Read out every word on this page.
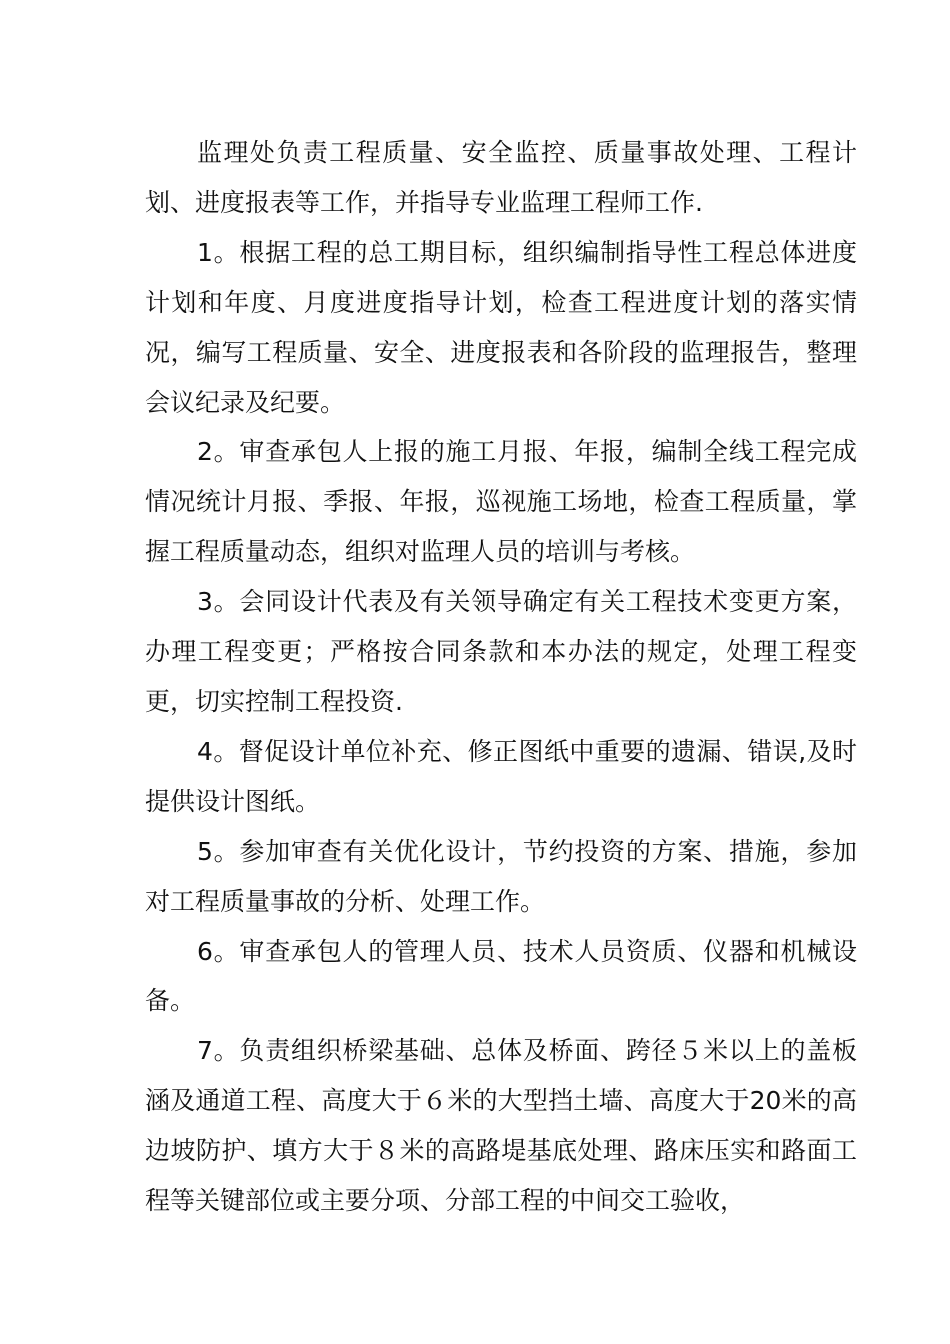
监理处负责工程质量、安全监控、质量事故处理、工程计划、进度报表等工作，并指导专业监理工程师工作.

1。根据工程的总工期目标，组织编制指导性工程总体进度计划和年度、月度进度指导计划，检查工程进度计划的落实情况，编写工程质量、安全、进度报表和各阶段的监理报告，整理会议纪录及纪要。

2。审查承包人上报的施工月报、年报，编制全线工程完成情况统计月报、季报、年报，巡视施工场地，检查工程质量，掌握工程质量动态，组织对监理人员的培训与考核。

3。会同设计代表及有关领导确定有关工程技术变更方案，办理工程变更；严格按合同条款和本办法的规定，处理工程变更，切实控制工程投资.

4。督促设计单位补充、修正图纸中重要的遗漏、错误,及时提供设计图纸。

5。参加审查有关优化设计，节约投资的方案、措施，参加对工程质量事故的分析、处理工作。

6。审查承包人的管理人员、技术人员资质、仪器和机械设备。

7。负责组织桥梁基础、总体及桥面、跨径５米以上的盖板涵及通道工程、高度大于６米的大型挡土墙、高度大于20米的高边坡防护、填方大于８米的高路堤基底处理、路床压实和路面工程等关键部位或主要分项、分部工程的中间交工验收，
